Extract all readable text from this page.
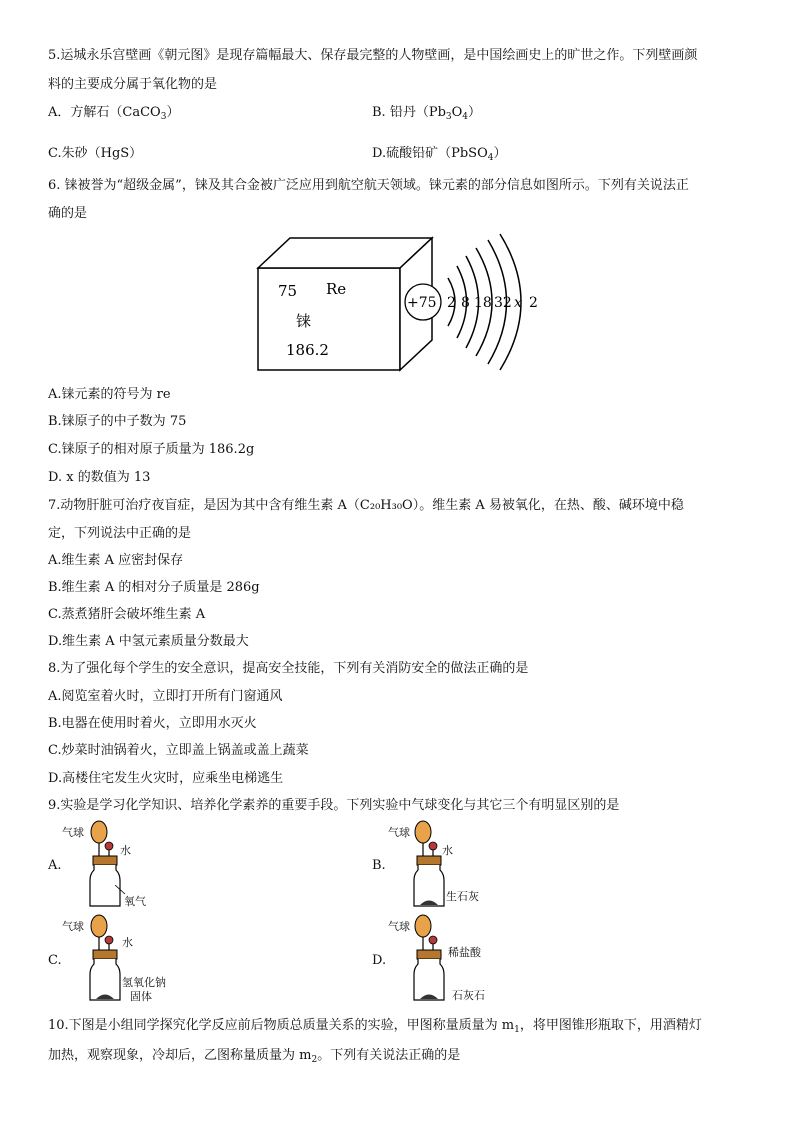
5.运城永乐宫壁画《朝元图》是现存篇幅最大、保存最完整的人物壁画，是中国绘画史上的旷世之作。下列壁画颜
料的主要成分属于氧化物的是
A．方解石（CaCO$_3$）	B. 铅丹$(Pb_3O_4)$
C.朱砂（HgS）	D.硫酸铅矿（PbSO$_4$）
6. 铼被誉为“超级金属”，铼及其合金被广泛应用到航空航天领域。铼元素的部分信息如图所示。下列有关说法正
确的是
75 Re
铼
186.2
+75 2 8 18 32 x 2
A.铼元素的符号为 re
B.铼原子的中子数为 75
C.铼原子的相对原子质量为 186.2g
D. x 的数值为 13
7.动物肝脏可治疗夜盲症，是因为其中含有维生素 A（C₂₀H₃₀O）。维生素 A 易被氧化，在热、酸、碱环境中稳
定，下列说法中正确的是
A.维生素 A 应密封保存
B.维生素 A 的相对分子质量是 286g
C.蒸煮猪肝会破坏维生素 A
D.维生素 A 中氢元素质量分数最大
8.为了强化每个学生的安全意识，提高安全技能，下列有关消防安全的做法正确的是
A.阅览室着火时，立即打开所有门窗通风
B.电器在使用时着火，立即用水灭火
C.炒菜时油锅着火，立即盖上锅盖或盖上蔬菜
D.高楼住宅发生火灾时，应乘坐电梯逃生
9.实验是学习化学知识、培养化学素养的重要手段。下列实验中气球变化与其它三个有明显区别的是
A.
气球
水
氧气
B.
气球
水
生石灰
C.
气球
水
氢氧化钠
固体
D.
气球
稀盐酸
石灰石
10.下图是小组同学探究化学反应前后物质总质量关系的实验，甲图称量质量为 $m_1$，将甲图锥形瓶取下，用酒精灯
加热，观察现象，冷却后，乙图称量质量为 $m_2$。下列有关说法正确的是
